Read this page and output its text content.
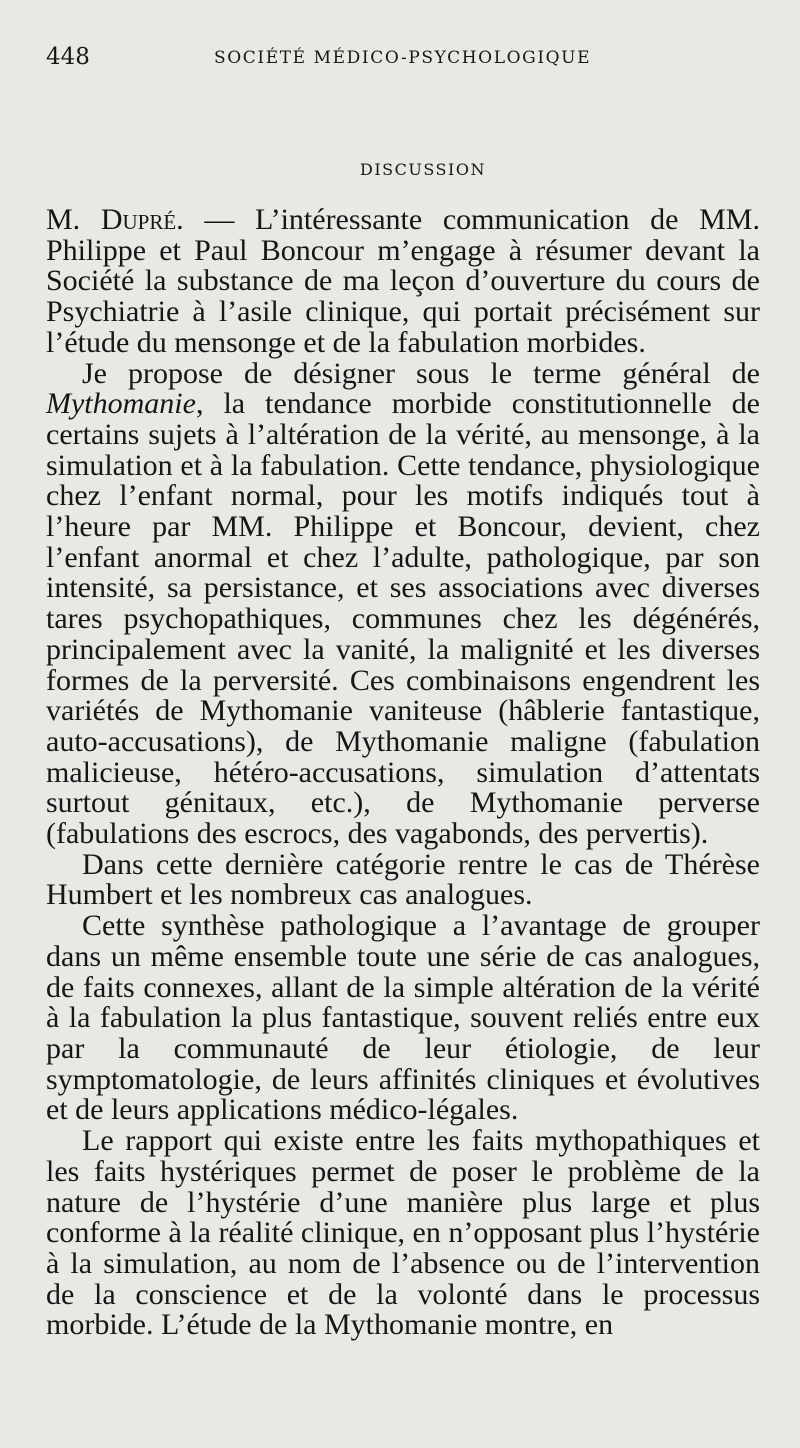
448	SOCIÉTÉ MÉDICO-PSYCHOLOGIQUE
DISCUSSION

M. Dupré. — L’intéressante communication de MM. Philippe et Paul Boncour m’engage à résumer devant la Société la substance de ma leçon d’ouverture du cours de Psychiatrie à l’asile clinique, qui portait précisément sur l’étude du mensonge et de la fabulation morbides.

Je propose de désigner sous le terme général de Mythomanie, la tendance morbide constitutionnelle de certains sujets à l’altération de la vérité, au mensonge, à la simulation et à la fabulation. Cette tendance, physiologique chez l’enfant normal, pour les motifs indiqués tout à l’heure par MM. Philippe et Boncour, devient, chez l’enfant anormal et chez l’adulte, pathologique, par son intensité, sa persistance, et ses associations avec diverses tares psychopathiques, communes chez les dégénérés, principalement avec la vanité, la malignité et les diverses formes de la perversité. Ces combinaisons engendrent les variétés de Mythomanie vaniteuse (hâblerie fantastique, auto-accusations), de Mythomanie maligne (fabulation malicieuse, hétéro-accusations, simulation d’attentats surtout génitaux, etc.), de Mythomanie perverse (fabulations des escrocs, des vagabonds, des pervertis).

Dans cette dernière catégorie rentre le cas de Thérèse Humbert et les nombreux cas analogues.

Cette synthèse pathologique a l’avantage de grouper dans un même ensemble toute une série de cas analogues, de faits connexes, allant de la simple altération de la vérité à la fabulation la plus fantastique, souvent reliés entre eux par la communauté de leur étiologie, de leur symptomatologie, de leurs affinités cliniques et évolutives et de leurs applications médico-légales.

Le rapport qui existe entre les faits mythopathiques et les faits hystériques permet de poser le problème de la nature de l’hystérie d’une manière plus large et plus conforme à la réalité clinique, en n’opposant plus l’hystérie à la simulation, au nom de l’absence ou de l’intervention de la conscience et de la volonté dans le processus morbide. L’étude de la Mythomanie montre, en
